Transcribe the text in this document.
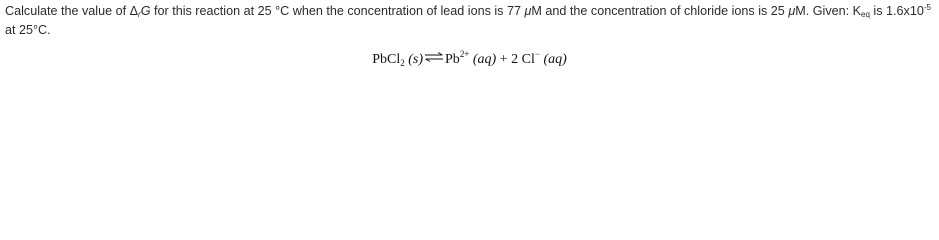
Calculate the value of $\Delta_rG$ for this reaction at 25 °C when the concentration of lead ions is 77 μM and the concentration of chloride ions is 25 μM. Given: $K_{eq}$ is $1.6x10^{-5}$ at 25°C.
PbCl$_2$ $(s)\rightleftharpoons Pb^{2+}$ (aq) + 2 Cl− (aq)
